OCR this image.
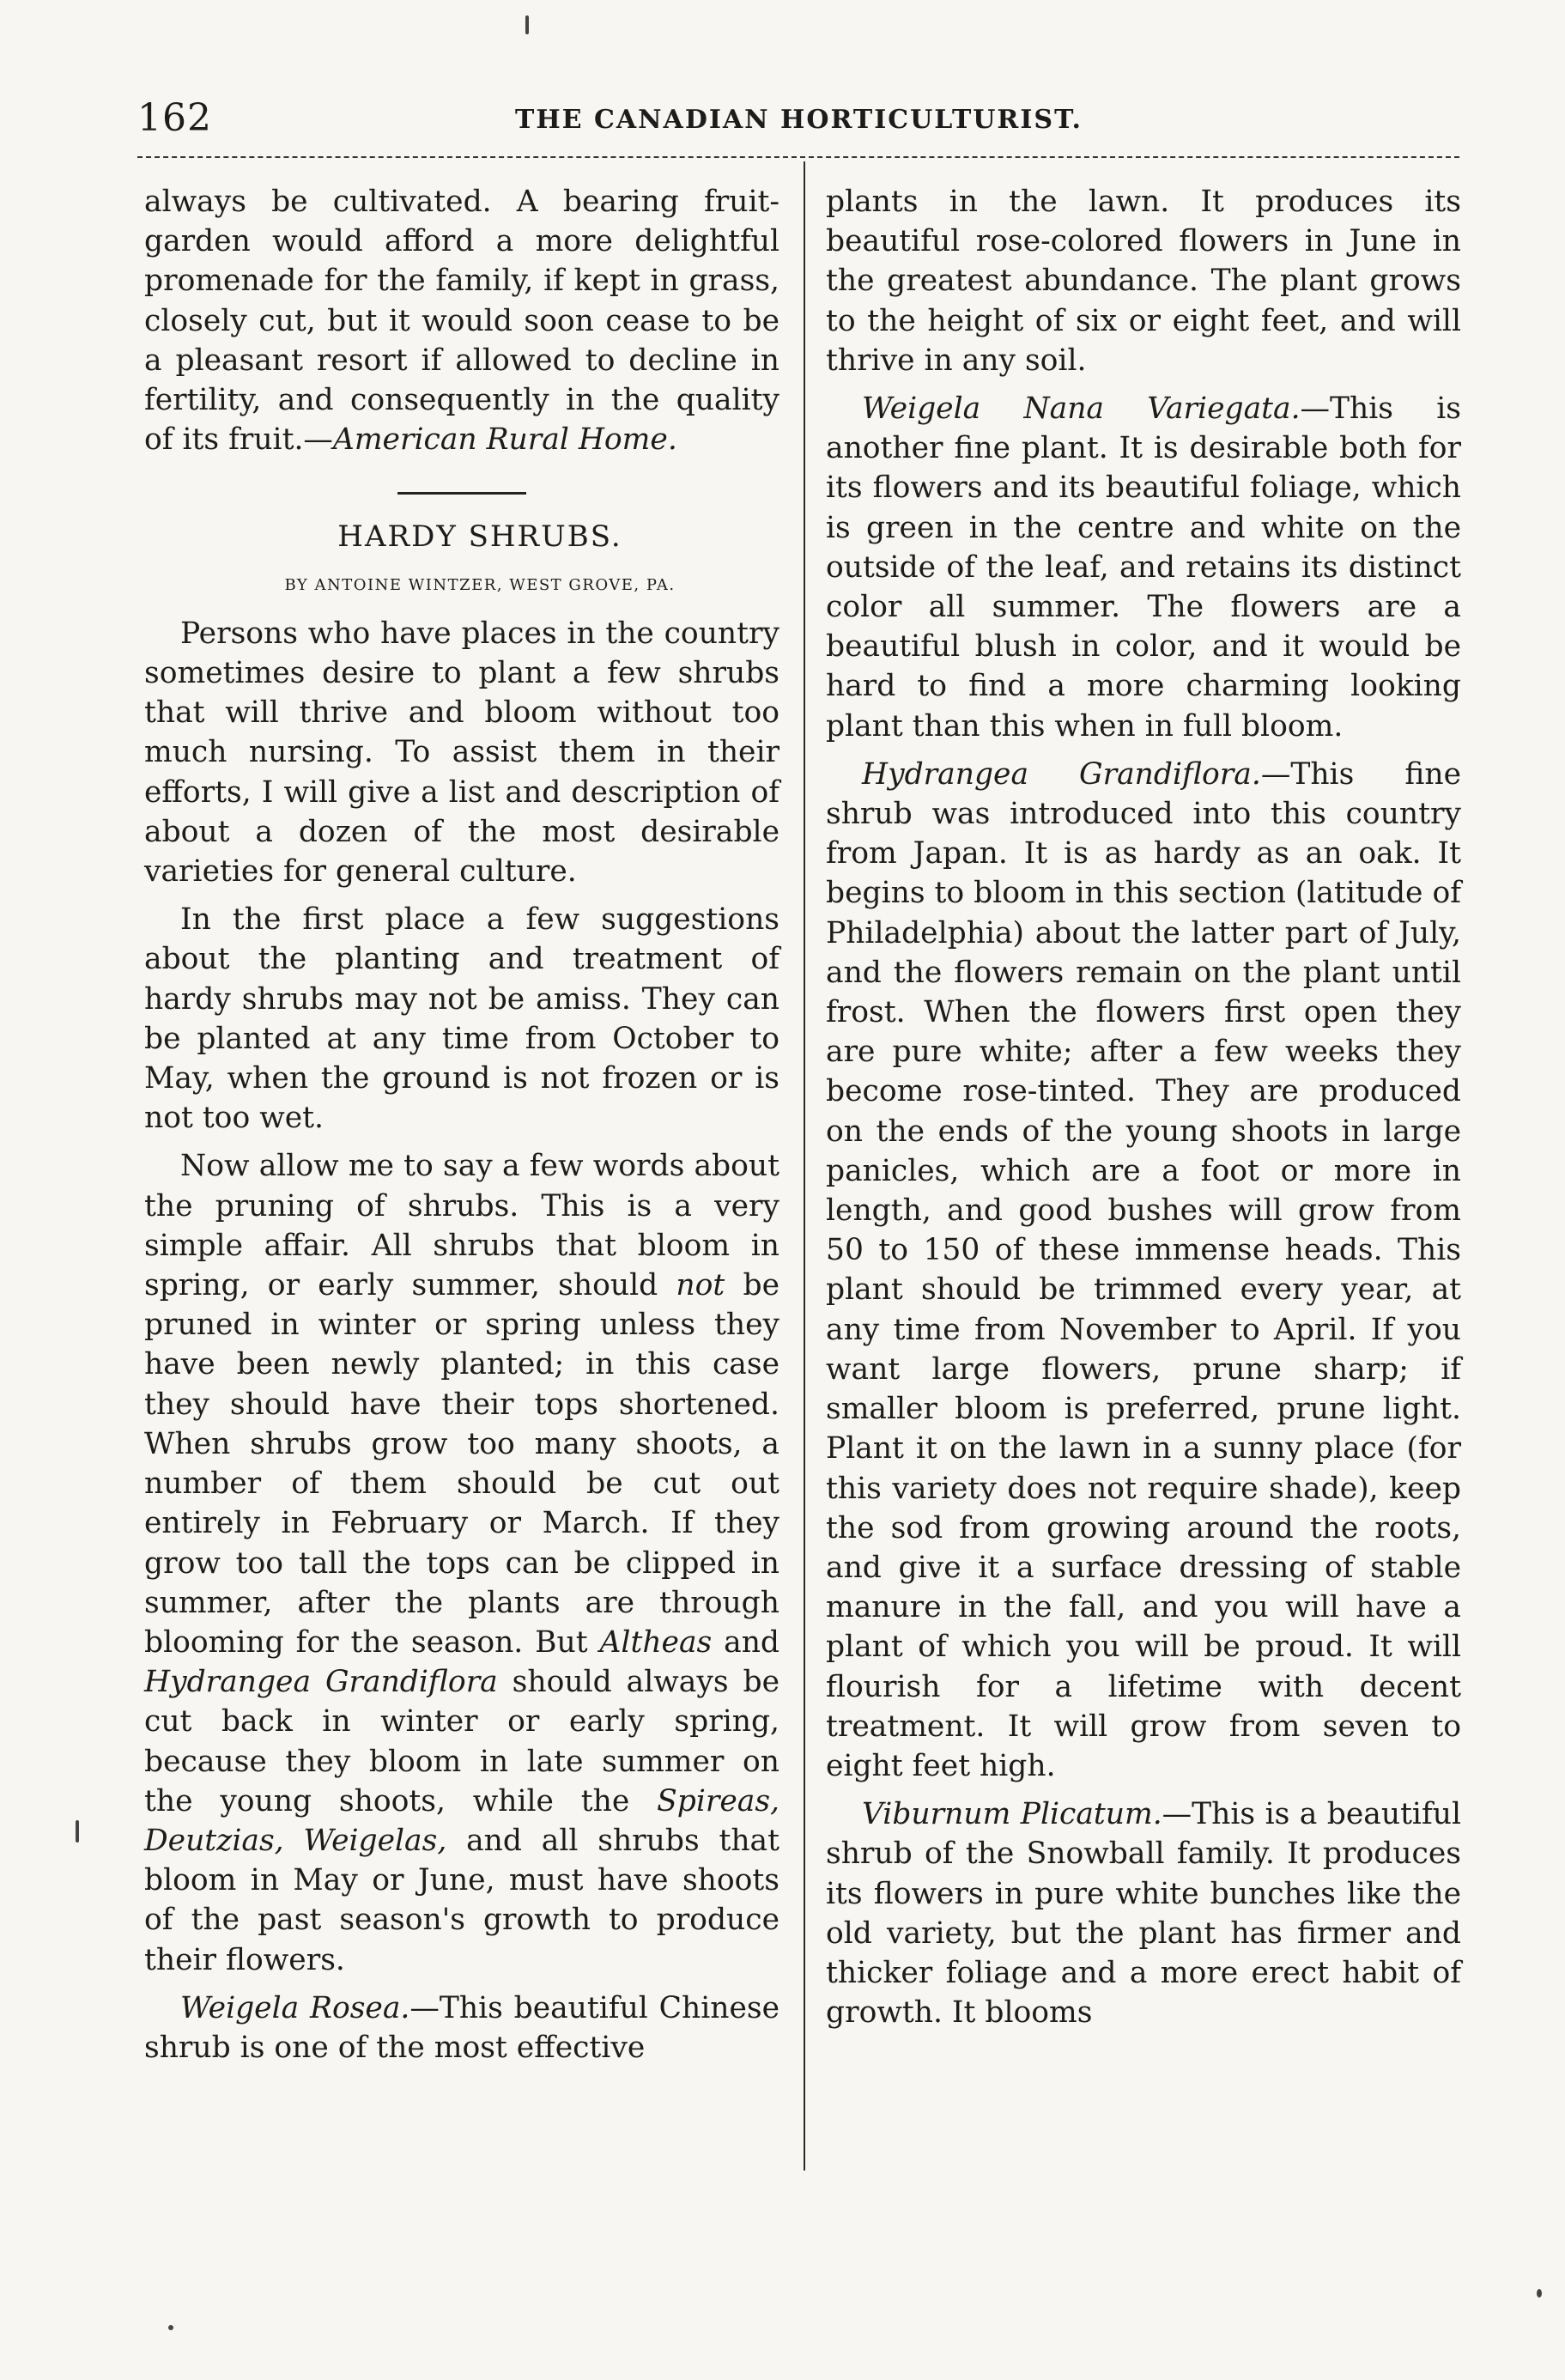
162	THE CANADIAN HORTICULTURIST.

always be cultivated. A bearing fruit-garden would afford a more delightful promenade for the family, if kept in grass, closely cut, but it would soon cease to be a pleasant resort if allowed to decline in fertility, and consequently in the quality of its fruit.—American Rural Home.

HARDY SHRUBS.

BY ANTOINE WINTZER, WEST GROVE, PA.

Persons who have places in the country sometimes desire to plant a few shrubs that will thrive and bloom without too much nursing. To assist them in their efforts, I will give a list and description of about a dozen of the most desirable varieties for general culture.

In the first place a few suggestions about the planting and treatment of hardy shrubs may not be amiss. They can be planted at any time from October to May, when the ground is not frozen or is not too wet.

Now allow me to say a few words about the pruning of shrubs. This is a very simple affair. All shrubs that bloom in spring, or early summer, should not be pruned in winter or spring unless they have been newly planted; in this case they should have their tops shortened. When shrubs grow too many shoots, a number of them should be cut out entirely in February or March. If they grow too tall the tops can be clipped in summer, after the plants are through blooming for the season. But Altheas and Hydrangea Grandiflora should always be cut back in winter or early spring, because they bloom in late summer on the young shoots, while the Spireas, Deutzias, Weigelas, and all shrubs that bloom in May or June, must have shoots of the past season's growth to produce their flowers.

Weigela Rosea.—This beautiful Chinese shrub is one of the most effective

plants in the lawn. It produces its beautiful rose-colored flowers in June in the greatest abundance. The plant grows to the height of six or eight feet, and will thrive in any soil.

Weigela Nana Variegata.—This is another fine plant. It is desirable both for its flowers and its beautiful foliage, which is green in the centre and white on the outside of the leaf, and retains its distinct color all summer. The flowers are a beautiful blush in color, and it would be hard to find a more charming looking plant than this when in full bloom.

Hydrangea Grandiflora.—This fine shrub was introduced into this country from Japan. It is as hardy as an oak. It begins to bloom in this section (latitude of Philadelphia) about the latter part of July, and the flowers remain on the plant until frost. When the flowers first open they are pure white; after a few weeks they become rose-tinted. They are produced on the ends of the young shoots in large panicles, which are a foot or more in length, and good bushes will grow from 50 to 150 of these immense heads. This plant should be trimmed every year, at any time from November to April. If you want large flowers, prune sharp; if smaller bloom is preferred, prune light. Plant it on the lawn in a sunny place (for this variety does not require shade), keep the sod from growing around the roots, and give it a surface dressing of stable manure in the fall, and you will have a plant of which you will be proud. It will flourish for a lifetime with decent treatment. It will grow from seven to eight feet high.

Viburnum Plicatum.—This is a beautiful shrub of the Snowball family. It produces its flowers in pure white bunches like the old variety, but the plant has firmer and thicker foliage and a more erect habit of growth. It blooms
